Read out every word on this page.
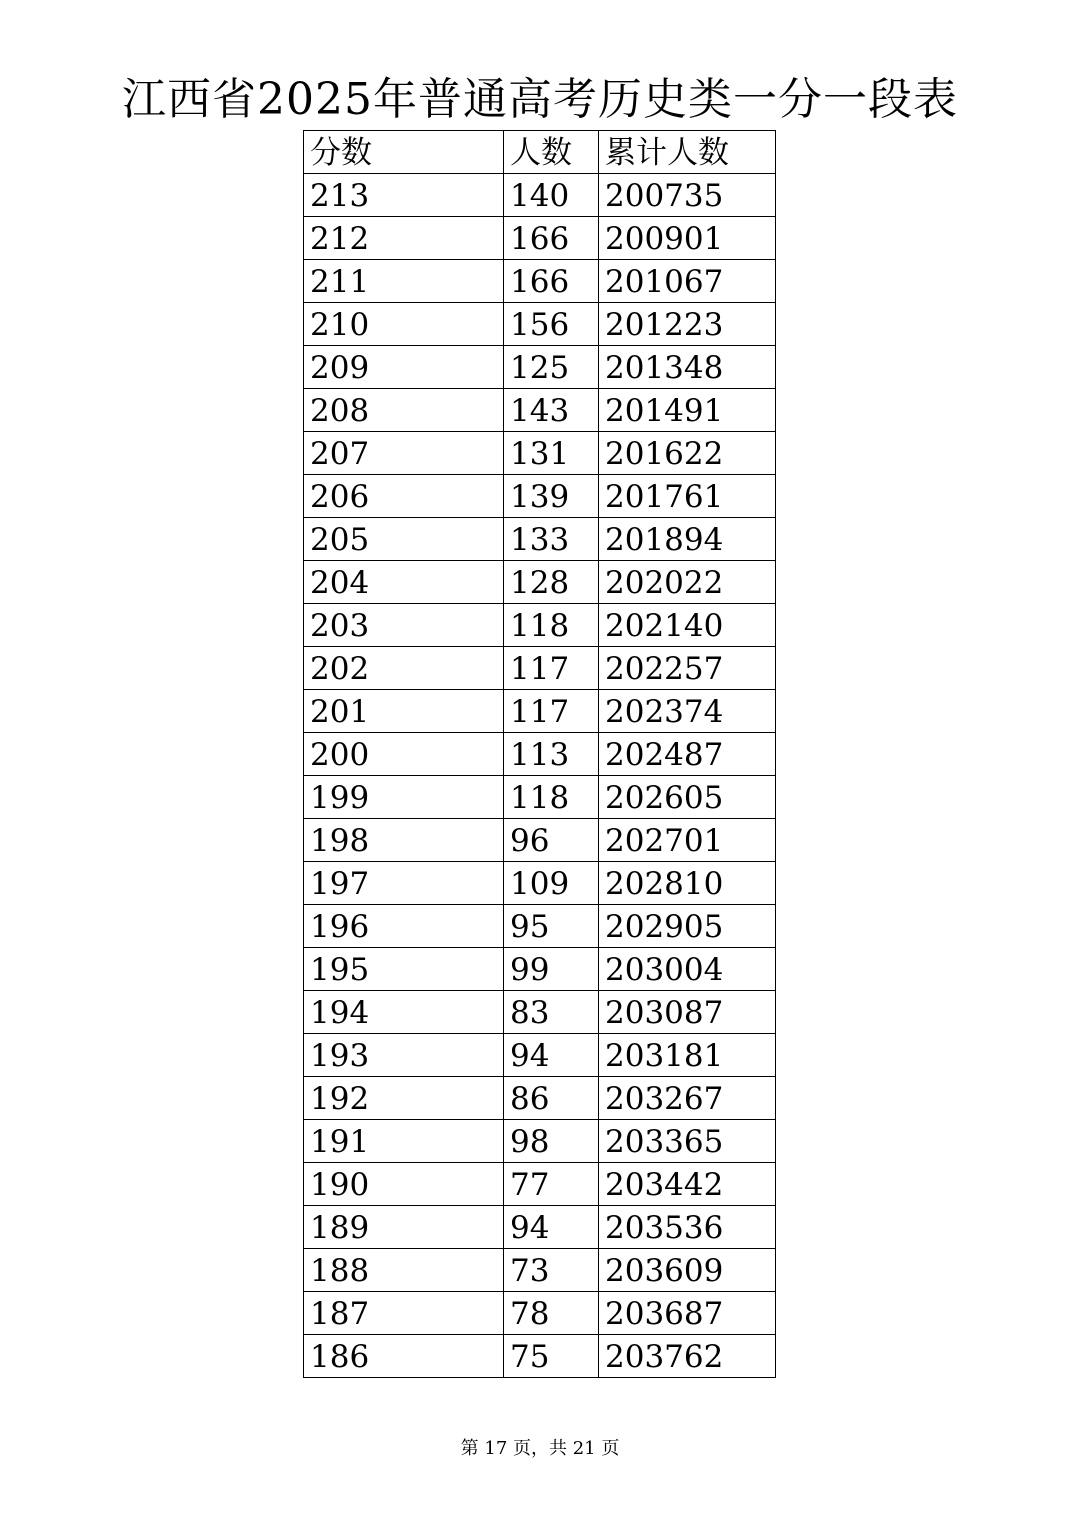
江西省2025年普通高考历史类一分一段表
分数	人数	累计人数
213	140	200735
212	166	200901
211	166	201067
210	156	201223
209	125	201348
208	143	201491
207	131	201622
206	139	201761
205	133	201894
204	128	202022
203	118	202140
202	117	202257
201	117	202374
200	113	202487
199	118	202605
198	96	202701
197	109	202810
196	95	202905
195	99	203004
194	83	203087
193	94	203181
192	86	203267
191	98	203365
190	77	203442
189	94	203536
188	73	203609
187	78	203687
186	75	203762
第 17 页，共 21 页
